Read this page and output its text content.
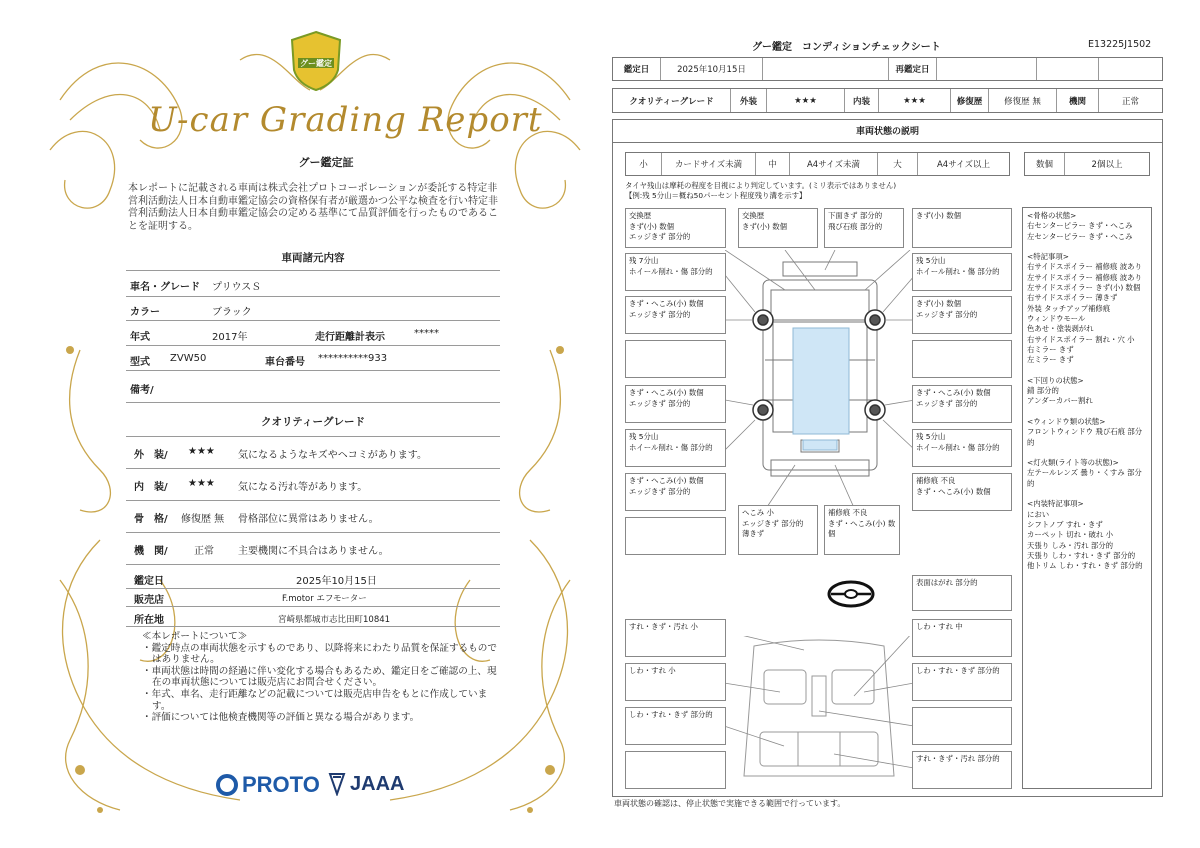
グー鑑定
U-car Grading Report
グー鑑定証
本レポートに記載される車両は株式会社プロトコーポレーションが委託する特定非営利活動法人日本自動車鑑定協会の資格保有者が厳選かつ公平な検査を行い特定非営利活動法人日本自動車鑑定協会の定める基準にて品質評価を行ったものであることを証明する。
車両諸元内容
車名・グレード プリウスＳ
カラー	ブラック
年式	2017年	走行距離計表示	*****
型式 ZVW50	車台番号 **********933
備考/
クオリティーグレード
外　装/ ★★★ 気になるようなキズやヘコミがあります。
内　装/ ★★★ 気になる汚れ等があります。
骨　格/ 修復歴 無 骨格部位に異常はありません。
機　関/	正常 主要機関に不具合はありません。
鑑定日	2025年10月15日
販売店	F.motor エフモーター
所在地	宮崎県都城市志比田町10841
≪本レポートについて≫
・鑑定時点の車両状態を示すものであり、以降将来にわたり品質を保証するものではありません。
・車両状態は時間の経過に伴い変化する場合もあるため、鑑定日をご確認の上、現在の車両状態については販売店にお問合せください。
・年式、車名、走行距離などの記載については販売店申告をもとに作成しています。
・評価については他検査機関等の評価と異なる場合があります。
PROTO JAAA
グー鑑定　コンディションチェックシート	E13225J1502
鑑定日	2025年10月15日	再鑑定日
クオリティーグレード	外装	★★★	内装	★★★	修復歴	修復歴 無	機関	正常
車両状態の説明
小	カードサイズ未満	中	A4サイズ未満	大	A4サイズ以上	数個	2個以上
タイヤ残山は摩耗の程度を目視により判定しています。(ミリ表示ではありません)
【例:残 5分山＝概ね50パーセント程度残り溝を示す】
交換歴
きず(小) 数個
エッジきず 部分的
交換歴
きず(小) 数個
下面きず 部分的
飛び石痕 部分的
きず(小) 数個
残 7分山
ホイール削れ・傷 部分的
残 5分山
ホイール削れ・傷 部分的
きず・へこみ(小) 数個
エッジきず 部分的
きず(小) 数個
エッジきず 部分的
きず・へこみ(小) 数個
エッジきず 部分的
きず・へこみ(小) 数個
エッジきず 部分的
残 5分山
ホイール削れ・傷 部分的
残 5分山
ホイール削れ・傷 部分的
きず・へこみ(小) 数個
エッジきず 部分的
補修痕 不良
きず・へこみ(小) 数個
へこみ 小
エッジきず 部分的
薄きず
補修痕 不良
きず・へこみ(小) 数個
表面はがれ 部分的
すれ・きず・汚れ 小	しわ・すれ 中
しわ・すれ 小	しわ・すれ・きず 部分的
しわ・すれ・きず 部分的
すれ・きず・汚れ 部分的
<骨格の状態>
右センターピラー きず・へこみ
左センターピラー きず・へこみ

<特記事項>
右サイドスポイラー 補修痕 波あり
左サイドスポイラー 補修痕 波あり
左サイドスポイラー きず(小) 数個
右サイドスポイラー 薄きず
外装 タッチアップ補修痕
ウィンドウモール
色あせ・塗装剥がれ
右サイドスポイラー 割れ・穴 小
右ミラー きず
左ミラー きず

<下回りの状態>
錆 部分的
アンダーカバー割れ

<ウィンドウ類の状態>
フロントウィンドウ 飛び石痕 部分的

<灯火類(ライト等の状態)>
左テールレンズ 曇り・くすみ 部分的

<内装特記事項>
におい
シフトノブ すれ・きず
カーペット 切れ・破れ 小
天張り しみ・汚れ 部分的
天張り しわ・すれ・きず 部分的
他トリム しわ・すれ・きず 部分的
車両状態の確認は、停止状態で実施できる範囲で行っています。
